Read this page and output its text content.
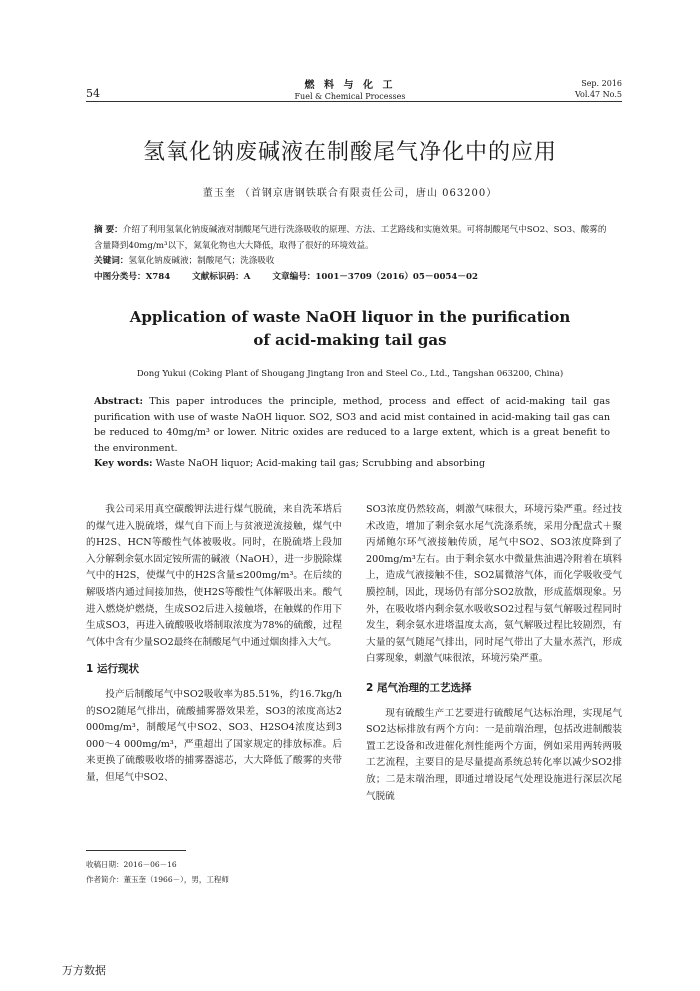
54
燃 料 与 化 工
Fuel & Chemical Processes
Sep. 2016
Vol.47 No.5
氢氧化钠废碱液在制酸尾气净化中的应用
董玉奎 （首钢京唐钢铁联合有限责任公司，唐山 063200）

摘 要：介绍了利用氢氧化钠废碱液对制酸尾气进行洗涤吸收的原理、方法、工艺路线和实施效果。可将制酸尾气中SO2、SO3、酸雾的含量降到40mg/m³以下，氮氧化物也大大降低，取得了很好的环境效益。

关键词：氢氧化钠废碱液；制酸尾气；洗涤吸收

中图分类号：X784	文献标识码：A	文章编号：1001－3709（2016）05－0054－02

Application of waste NaOH liquor in the purification
of acid-making tail gas
Dong Yukui (Coking Plant of Shougang Jingtang Iron and Steel Co., Ltd., Tangshan 063200, China)

Abstract: This paper introduces the principle, method, process and effect of acid-making tail gas purification with use of waste NaOH liquor. SO2, SO3 and acid mist contained in acid-making tail gas can be reduced to 40mg/m³ or lower. Nitric oxides are reduced to a large extent, which is a great benefit to the environment.

Key words: Waste NaOH liquor; Acid-making tail gas; Scrubbing and absorbing

我公司采用真空碳酸钾法进行煤气脱硫，来自洗苯塔后的煤气进入脱硫塔，煤气自下而上与贫液逆流接触，煤气中的H2S、HCN等酸性气体被吸收。同时，在脱硫塔上段加入分解剩余氨水固定铵所需的碱液（NaOH），进一步脱除煤气中的H2S，使煤气中的H2S含量≤200mg/m³。在后续的解吸塔内通过间接加热，使H2S等酸性气体解吸出来。酸气进入燃烧炉燃烧，生成SO2后进入接触塔，在触媒的作用下生成SO3，再进入硫酸吸收塔制取浓度为78%的硫酸，过程气体中含有少量SO2最终在制酸尾气中通过烟囱排入大气。

1 运行现状

投产后制酸尾气中SO2吸收率为85.51%，约16.7kg/h的SO2随尾气排出，硫酸捕雾器效果差，SO3的浓度高达2 000mg/m³，制酸尾气中SO2、SO3、H2SO4浓度达到3 000～4 000mg/m³，严重超出了国家规定的排放标准。后来更换了硫酸吸收塔的捕雾器滤芯，大大降低了酸雾的夹带量，但尾气中SO2、

SO3浓度仍然较高，刺激气味很大，环境污染严重。经过技术改造，增加了剩余氨水尾气洗涤系统，采用分配盘式＋聚丙烯鲍尔环气液接触传质，尾气中SO2、SO3浓度降到了200mg/m³左右。由于剩余氨水中微量焦油遇冷附着在填料上，造成气液接触不佳，SO2属微溶气体，而化学吸收受气膜控制，因此，现场仍有部分SO2放散，形成蓝烟现象。另外，在吸收塔内剩余氨水吸收SO2过程与氨气解吸过程同时发生，剩余氨水进塔温度太高，氨气解吸过程比较剧烈，有大量的氨气随尾气排出，同时尾气带出了大量水蒸汽，形成白雾现象，刺激气味很浓，环境污染严重。

2 尾气治理的工艺选择

现有硫酸生产工艺要进行硫酸尾气达标治理，实现尾气SO2达标排放有两个方向：一是前端治理，包括改进制酸装置工艺设备和改进催化剂性能两个方面，例如采用两转两吸工艺流程，主要目的是尽量提高系统总转化率以减少SO2排放；二是末端治理，即通过增设尾气处理设施进行深层次尾气脱硫

收稿日期：2016－06－16

作者简介：董玉奎（1966－），男，工程师

万方数据
